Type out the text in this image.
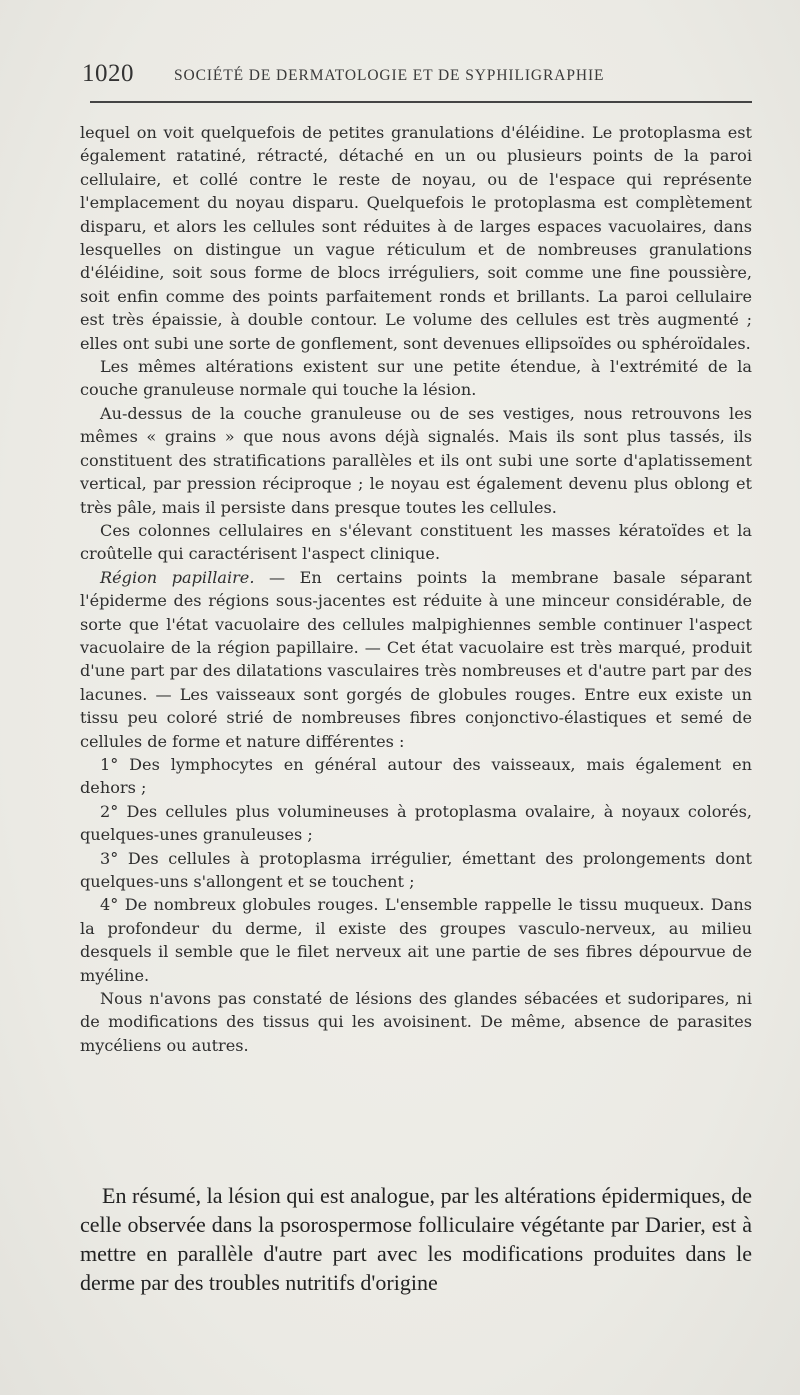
1020	SOCIÉTÉ DE DERMATOLOGIE ET DE SYPHILIGRAPHIE

lequel on voit quelquefois de petites granulations d'éléidine. Le protoplasma est également ratatiné, rétracté, détaché en un ou plusieurs points de la paroi cellulaire, et collé contre le reste de noyau, ou de l'espace qui représente l'emplacement du noyau disparu. Quelquefois le protoplasma est complètement disparu, et alors les cellules sont réduites à de larges espaces vacuolaires, dans lesquelles on distingue un vague réticulum et de nombreuses granulations d'éléidine, soit sous forme de blocs irréguliers, soit comme une fine poussière, soit enfin comme des points parfaitement ronds et brillants. La paroi cellulaire est très épaissie, à double contour. Le volume des cellules est très augmenté ; elles ont subi une sorte de gonflement, sont devenues ellipsoïdes ou sphéroïdales.

Les mêmes altérations existent sur une petite étendue, à l'extrémité de la couche granuleuse normale qui touche la lésion.

Au-dessus de la couche granuleuse ou de ses vestiges, nous retrouvons les mêmes « grains » que nous avons déjà signalés. Mais ils sont plus tassés, ils constituent des stratifications parallèles et ils ont subi une sorte d'aplatissement vertical, par pression réciproque ; le noyau est également devenu plus oblong et très pâle, mais il persiste dans presque toutes les cellules.

Ces colonnes cellulaires en s'élevant constituent les masses kératoïdes et la croûtelle qui caractérisent l'aspect clinique.

Région papillaire. — En certains points la membrane basale séparant l'épiderme des régions sous-jacentes est réduite à une minceur considérable, de sorte que l'état vacuolaire des cellules malpighiennes semble continuer l'aspect vacuolaire de la région papillaire. — Cet état vacuolaire est très marqué, produit d'une part par des dilatations vasculaires très nombreuses et d'autre part par des lacunes. — Les vaisseaux sont gorgés de globules rouges. Entre eux existe un tissu peu coloré strié de nombreuses fibres conjonctivo-élastiques et semé de cellules de forme et nature différentes :

1° Des lymphocytes en général autour des vaisseaux, mais également en dehors ;

2° Des cellules plus volumineuses à protoplasma ovalaire, à noyaux colorés, quelques-unes granuleuses ;

3° Des cellules à protoplasma irrégulier, émettant des prolongements dont quelques-uns s'allongent et se touchent ;

4° De nombreux globules rouges. L'ensemble rappelle le tissu muqueux. Dans la profondeur du derme, il existe des groupes vasculo-nerveux, au milieu desquels il semble que le filet nerveux ait une partie de ses fibres dépourvue de myéline.

Nous n'avons pas constaté de lésions des glandes sébacées et sudoripares, ni de modifications des tissus qui les avoisinent. De même, absence de parasites mycéliens ou autres.

En résumé, la lésion qui est analogue, par les altérations épidermiques, de celle observée dans la psorospermose folliculaire végétante par Darier, est à mettre en parallèle d'autre part avec les modifications produites dans le derme par des troubles nutritifs d'origine
